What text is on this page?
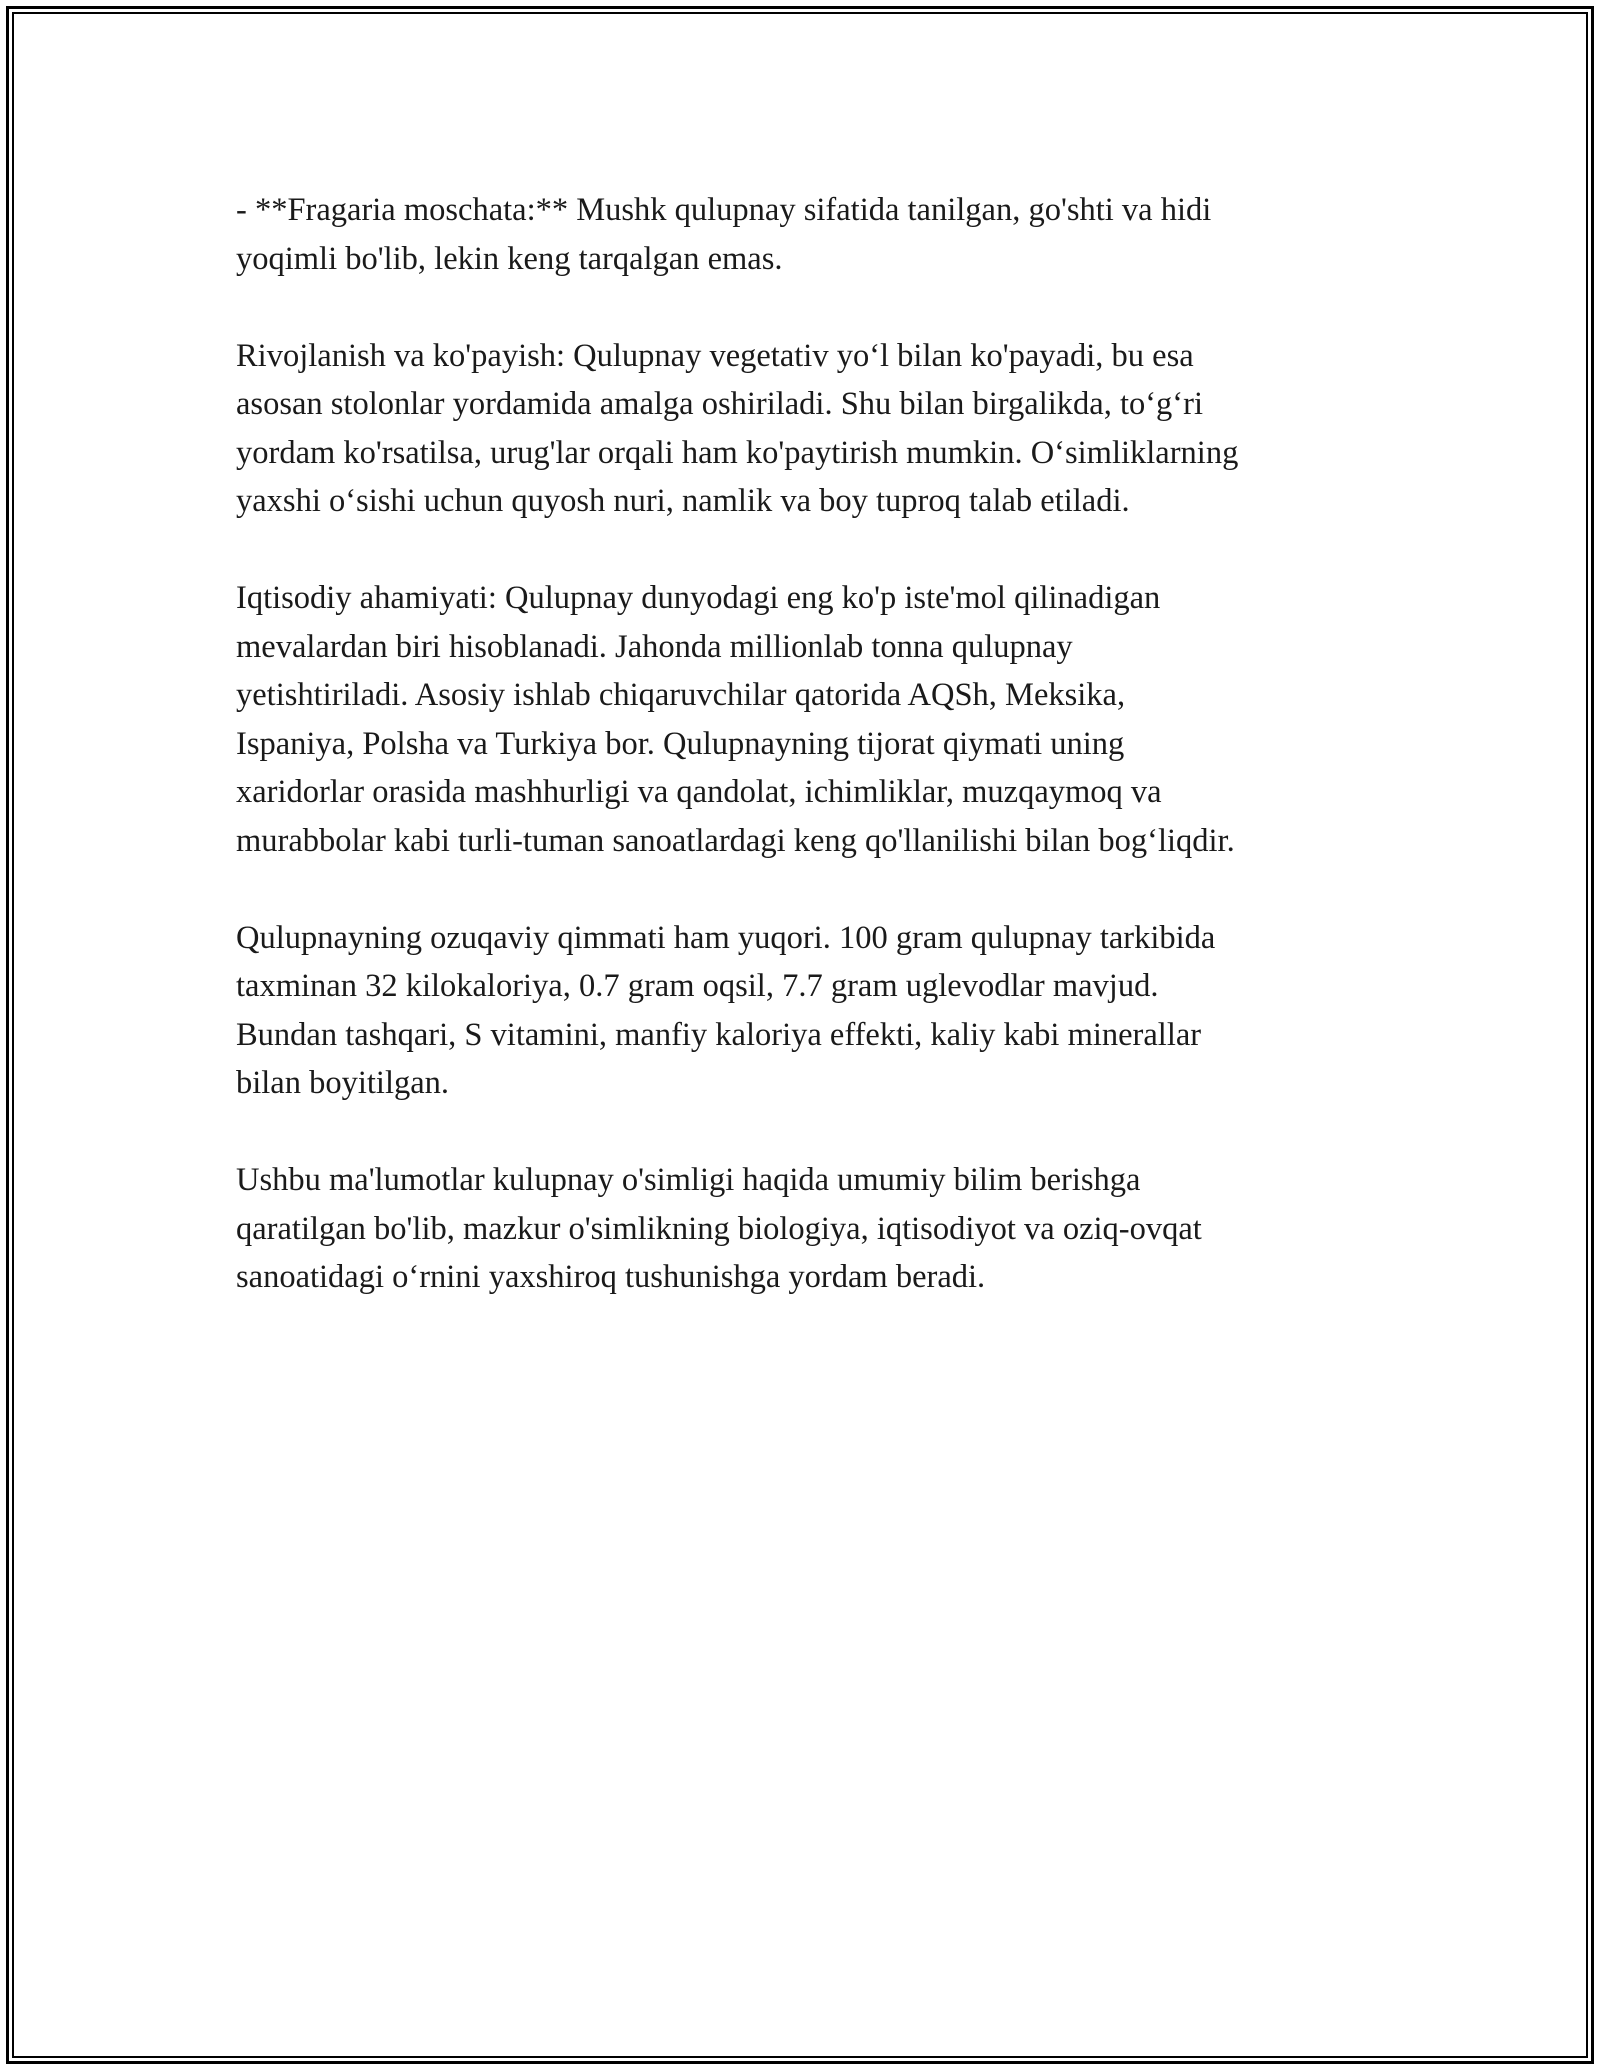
- **Fragaria moschata:** Mushk qulupnay sifatida tanilgan, go'shti va hidi
yoqimli bo'lib, lekin keng tarqalgan emas.

Rivojlanish va ko'payish: Qulupnay vegetativ yo‘l bilan ko'payadi, bu esa
asosan stolonlar yordamida amalga oshiriladi. Shu bilan birgalikda, to‘g‘ri
yordam ko'rsatilsa, urug'lar orqali ham ko'paytirish mumkin. O‘simliklarning
yaxshi o‘sishi uchun quyosh nuri, namlik va boy tuproq talab etiladi.

Iqtisodiy ahamiyati: Qulupnay dunyodagi eng ko'p iste'mol qilinadigan
mevalardan biri hisoblanadi. Jahonda millionlab tonna qulupnay
yetishtiriladi. Asosiy ishlab chiqaruvchilar qatorida AQSh, Meksika,
Ispaniya, Polsha va Turkiya bor. Qulupnayning tijorat qiymati uning
xaridorlar orasida mashhurligi va qandolat, ichimliklar, muzqaymoq va
murabbolar kabi turli-tuman sanoatlardagi keng qo'llanilishi bilan bog‘liqdir.

Qulupnayning ozuqaviy qimmati ham yuqori. 100 gram qulupnay tarkibida
taxminan 32 kilokaloriya, 0.7 gram oqsil, 7.7 gram uglevodlar mavjud.
Bundan tashqari, S vitamini, manfiy kaloriya effekti, kaliy kabi minerallar
bilan boyitilgan.

Ushbu ma'lumotlar kulupnay o'simligi haqida umumiy bilim berishga
qaratilgan bo'lib, mazkur o'simlikning biologiya, iqtisodiyot va oziq-ovqat
sanoatidagi o‘rnini yaxshiroq tushunishga yordam beradi.
